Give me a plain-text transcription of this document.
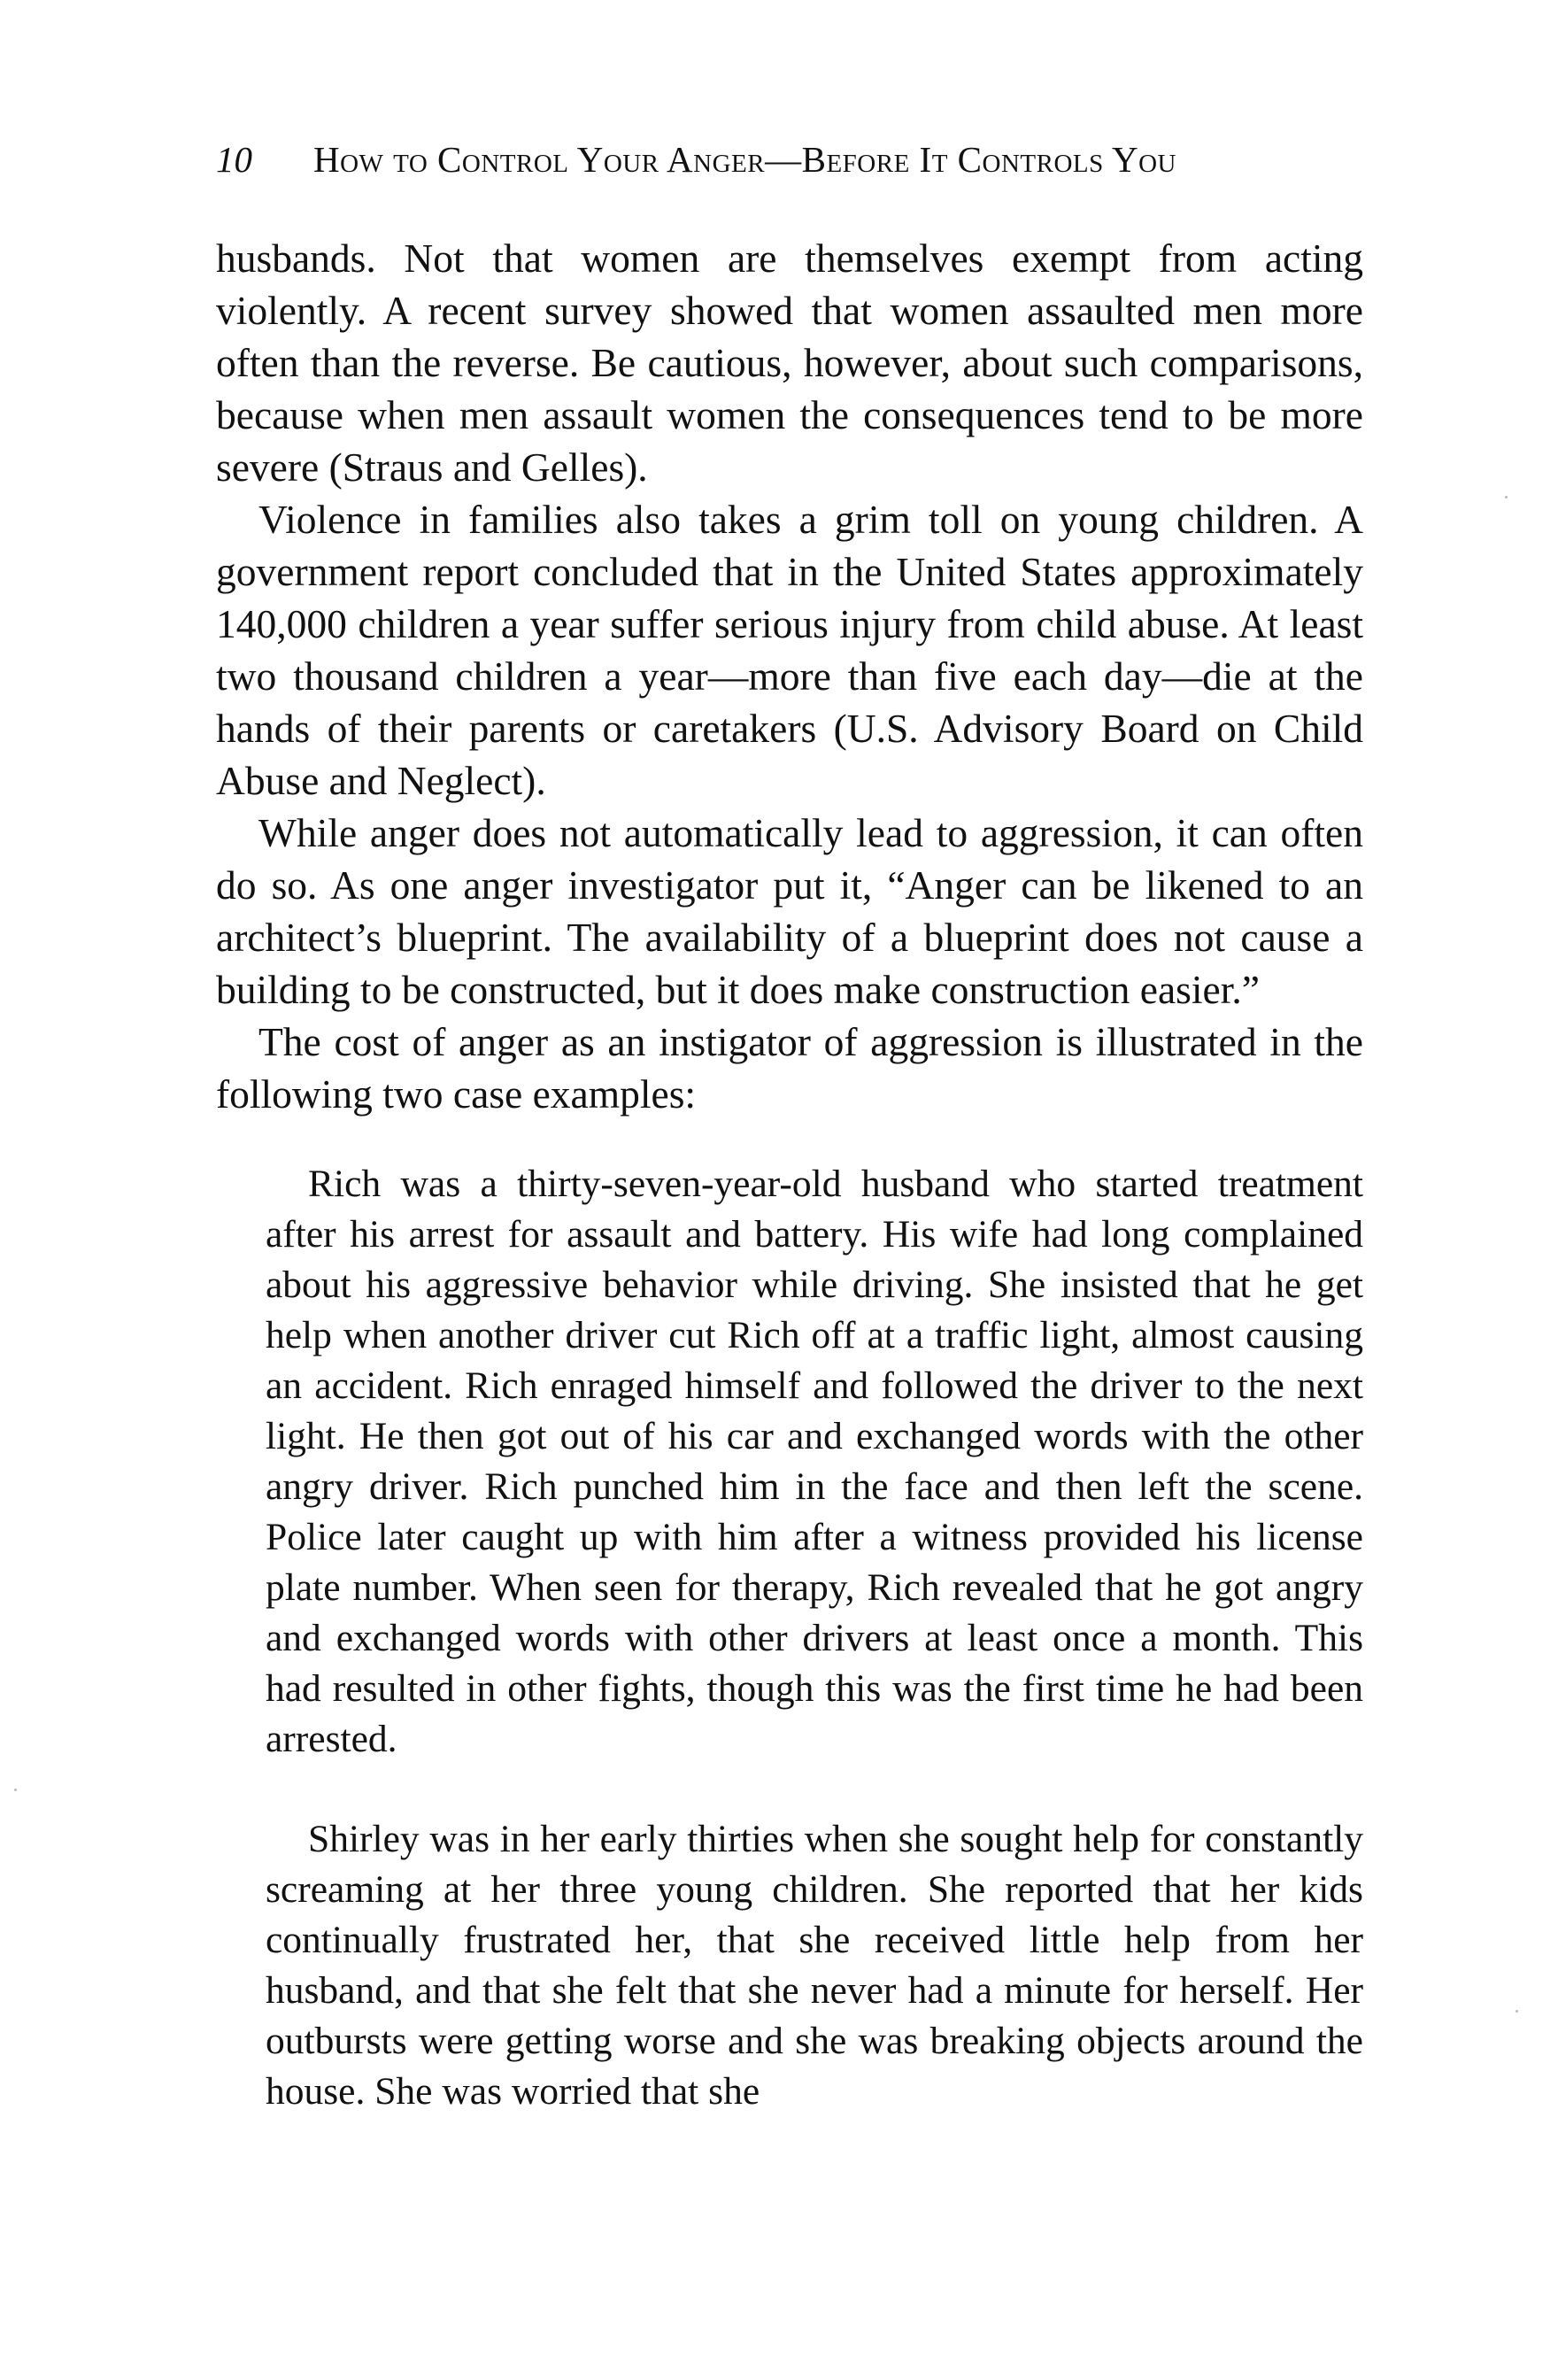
10 How to Control Your Anger—Before It Controls You

husbands. Not that women are themselves exempt from acting violently. A recent survey showed that women assaulted men more often than the reverse. Be cautious, however, about such comparisons, because when men assault women the consequences tend to be more severe (Straus and Gelles).

Violence in families also takes a grim toll on young children. A government report concluded that in the United States approximately 140,000 children a year suffer serious injury from child abuse. At least two thousand children a year—more than five each day—die at the hands of their parents or caretakers (U.S. Advisory Board on Child Abuse and Neglect).

While anger does not automatically lead to aggression, it can often do so. As one anger investigator put it, “Anger can be likened to an architect’s blueprint. The availability of a blueprint does not cause a building to be constructed, but it does make construction easier.”

The cost of anger as an instigator of aggression is illustrated in the following two case examples:

Rich was a thirty-seven-year-old husband who started treatment after his arrest for assault and battery. His wife had long complained about his aggressive behavior while driving. She insisted that he get help when another driver cut Rich off at a traffic light, almost causing an accident. Rich enraged himself and followed the driver to the next light. He then got out of his car and exchanged words with the other angry driver. Rich punched him in the face and then left the scene. Police later caught up with him after a witness provided his license plate number. When seen for therapy, Rich revealed that he got angry and exchanged words with other drivers at least once a month. This had resulted in other fights, though this was the first time he had been arrested.

Shirley was in her early thirties when she sought help for constantly screaming at her three young children. She reported that her kids continually frustrated her, that she received little help from her husband, and that she felt that she never had a minute for herself. Her outbursts were getting worse and she was breaking objects around the house. She was worried that she
